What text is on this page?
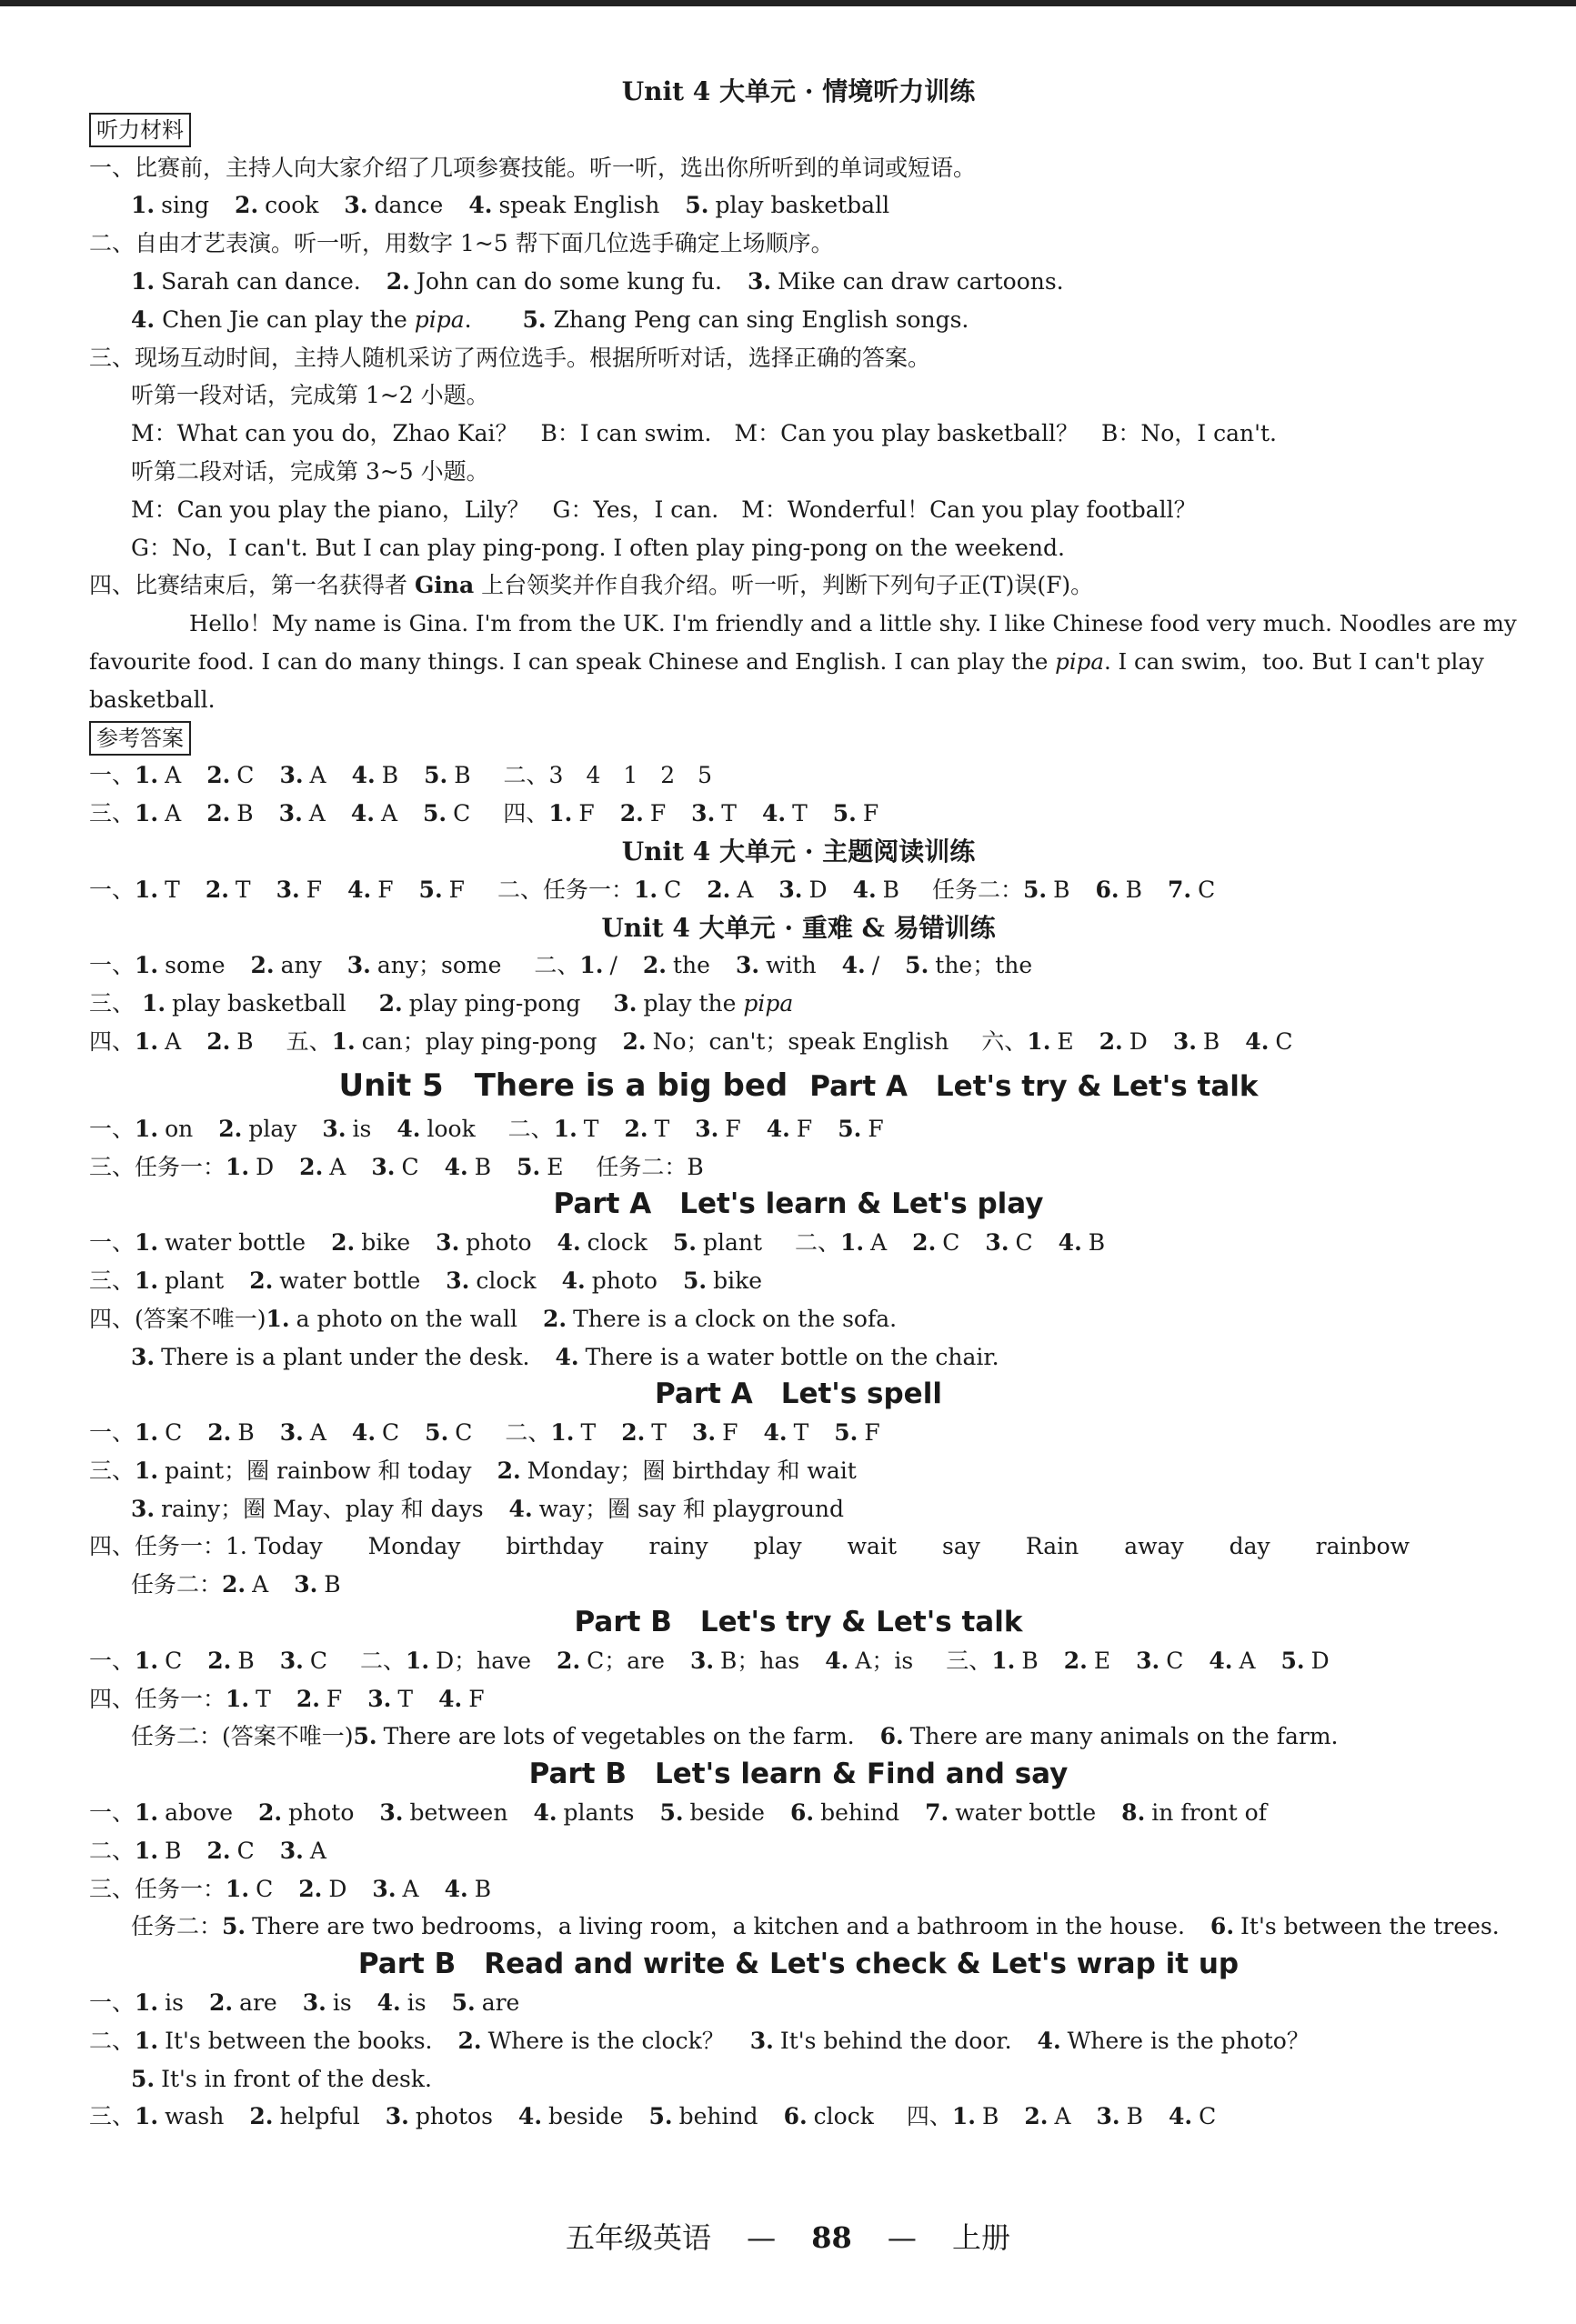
Unit 4 大单元 · 情境听力训练
听力材料
一、比赛前，主持人向大家介绍了几项参赛技能。听一听，选出你所听到的单词或短语。
1. sing 2. cook 3. dance 4. speak English 5. play basketball
二、自由才艺表演。听一听，用数字 1~5 帮下面几位选手确定上场顺序。
1. Sarah can dance. 2. John can do some kung fu. 3. Mike can draw cartoons.
4. Chen Jie can play the pipa. 5. Zhang Peng can sing English songs.
三、现场互动时间，主持人随机采访了两位选手。根据所听对话，选择正确的答案。
听第一段对话，完成第 1~2 小题。
M：What can you do，Zhao Kai？　B：I can swim.　M：Can you play basketball？　B：No，I can't.
听第二段对话，完成第 3~5 小题。
M：Can you play the piano，Lily？　G：Yes，I can.　M：Wonderful！Can you play football？
G：No，I can't. But I can play ping-pong. I often play ping-pong on the weekend.
四、比赛结束后，第一名获得者 Gina 上台领奖并作自我介绍。听一听，判断下列句子正(T)误(F)。
Hello！My name is Gina. I'm from the UK. I'm friendly and a little shy. I like Chinese food very much. Noodles are my
favourite food. I can do many things. I can speak Chinese and English. I can play the pipa. I can swim，too. But I can't play
basketball.
参考答案
一、1. A 2. C 3. A 4. B 5. B 二、3　4　1　2　5
三、1. A 2. B 3. A 4. A 5. C 四、1. F 2. F 3. T 4. T 5. F
Unit 4 大单元 · 主题阅读训练
一、1. T 2. T 3. F 4. F 5. F 二、任务一：1. C 2. A 3. D 4. B 任务二：5. B 6. B 7. C
Unit 4 大单元 · 重难 & 易错训练
一、1. some 2. any 3. any；some 二、1. / 2. the 3. with 4. / 5. the；the
三、 1. play basketball 2. play ping-pong 3. play the pipa
四、1. A 2. B 五、1. can；play ping-pong 2. No；can't；speak English 六、1. E 2. D 3. B 4. C
Unit 5　There is a big bed Part A　Let's try & Let's talk
一、1. on 2. play 3. is 4. look 二、1. T 2. T 3. F 4. F 5. F
三、任务一：1. D 2. A 3. C 4. B 5. E 任务二：B
Part A　Let's learn & Let's play
一、1. water bottle 2. bike 3. photo 4. clock 5. plant 二、1. A 2. C 3. C 4. B
三、1. plant 2. water bottle 3. clock 4. photo 5. bike
四、(答案不唯一)1. a photo on the wall 2. There is a clock on the sofa.
3. There is a plant under the desk. 4. There is a water bottle on the chair.
Part A　Let's spell
一、1. C 2. B 3. A 4. C 5. C 二、1. T 2. T 3. F 4. T 5. F
三、1. paint；圈 rainbow 和 today 2. Monday；圈 birthday 和 wait
3. rainy；圈 May、play 和 days 4. way；圈 say 和 playground
四、任务一：1. Today　　Monday　　birthday　　rainy　　play　　wait　　say　　Rain　　away　　day　　rainbow
任务二：2. A 3. B
Part B　Let's try & Let's talk
一、1. C 2. B 3. C 二、1. D；have 2. C；are 3. B；has 4. A；is 三、1. B 2. E 3. C 4. A 5. D
四、任务一：1. T 2. F 3. T 4. F
任务二：(答案不唯一)5. There are lots of vegetables on the farm. 6. There are many animals on the farm.
Part B　Let's learn & Find and say
一、1. above 2. photo 3. between 4. plants 5. beside 6. behind 7. water bottle 8. in front of
二、1. B 2. C 3. A
三、任务一：1. C 2. D 3. A 4. B
任务二：5. There are two bedrooms，a living room，a kitchen and a bathroom in the house. 6. It's between the trees.
Part B　Read and write & Let's check & Let's wrap it up
一、1. is 2. are 3. is 4. is 5. are
二、1. It's between the books. 2. Where is the clock？ 3. It's behind the door. 4. Where is the photo？
5. It's in front of the desk.
三、1. wash 2. helpful 3. photos 4. beside 5. behind 6. clock 四、1. B 2. A 3. B 4. C
五年级英语 — 88 — 上册
